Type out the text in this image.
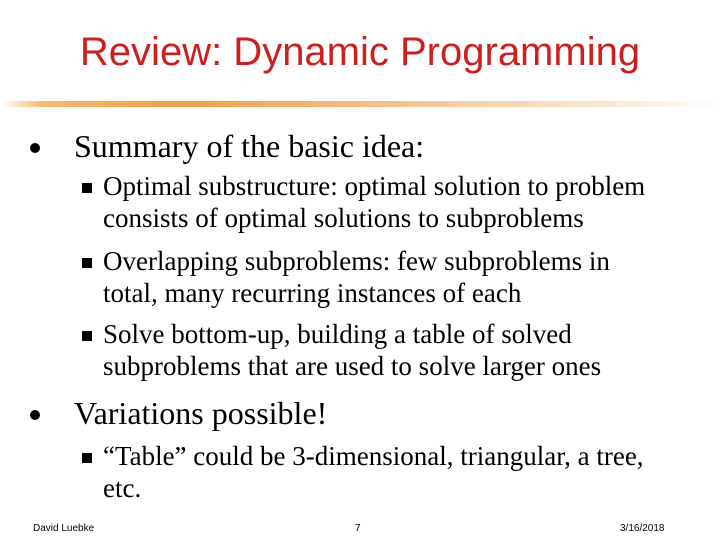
Review: Dynamic Programming
Summary of the basic idea:
Optimal substructure: optimal solution to problem
consists of optimal solutions to subproblems
Overlapping subproblems: few subproblems in
total, many recurring instances of each
Solve bottom-up, building a table of solved
subproblems that are used to solve larger ones
Variations possible!
“Table” could be 3-dimensional, triangular, a tree,
etc.
David Luebke	7	3/16/2018
